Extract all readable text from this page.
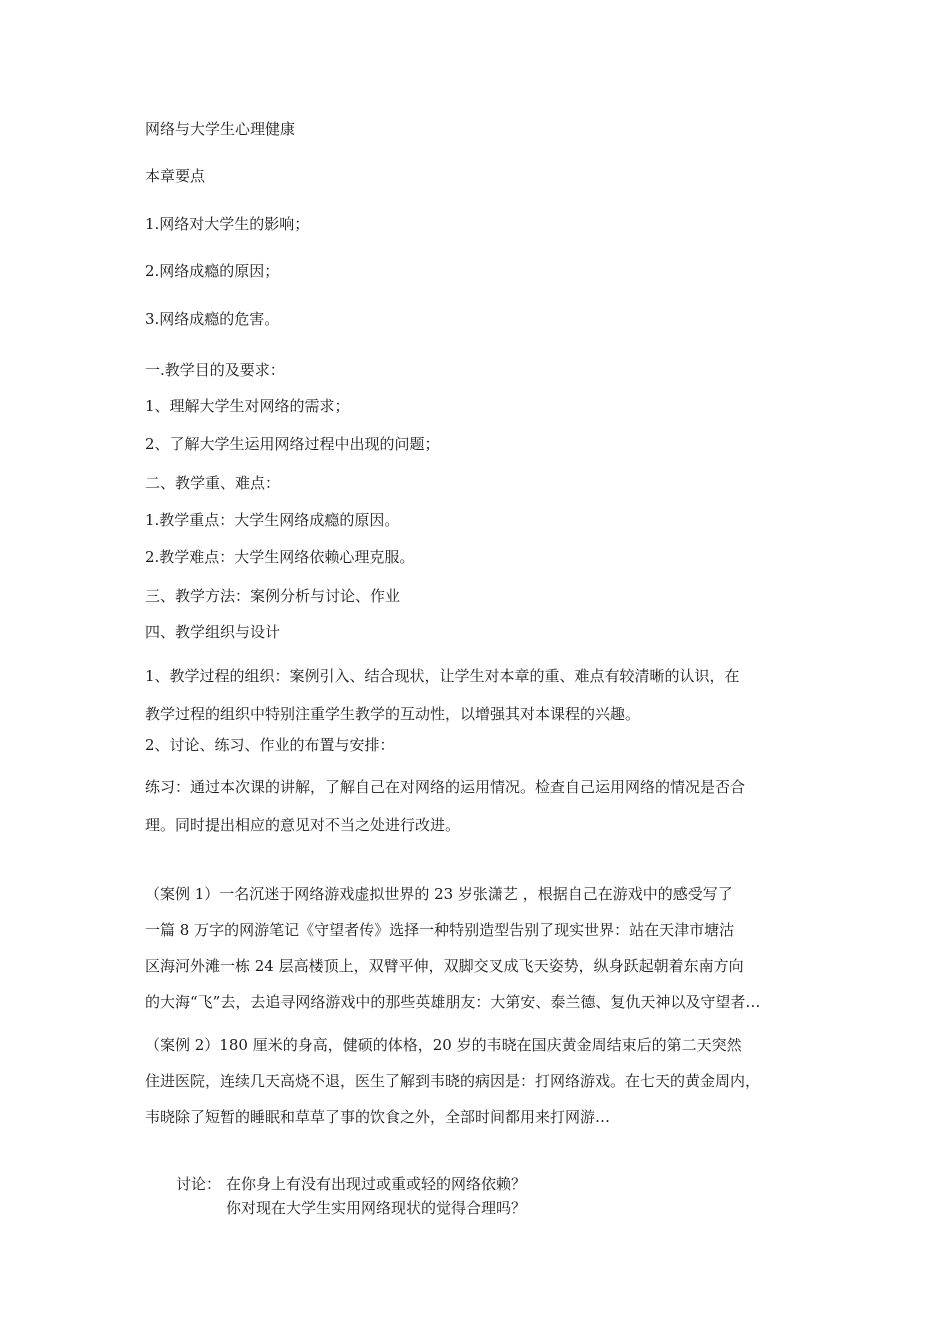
网络与大学生心理健康
本章要点
1.网络对大学生的影响；
2.网络成瘾的原因；
3.网络成瘾的危害。
一.教学目的及要求：
1、理解大学生对网络的需求；
2、了解大学生运用网络过程中出现的问题；
二、教学重、难点：
1.教学重点：大学生网络成瘾的原因。
2.教学难点：大学生网络依赖心理克服。
三、教学方法：案例分析与讨论、作业
四、教学组织与设计
1、教学过程的组织：案例引入、结合现状，让学生对本章的重、难点有较清晰的认识，在
教学过程的组织中特别注重学生教学的互动性，以增强其对本课程的兴趣。
2、讨论、练习、作业的布置与安排：
练习：通过本次课的讲解，了解自己在对网络的运用情况。检查自己运用网络的情况是否合
理。同时提出相应的意见对不当之处进行改进。
（案例 1）一名沉迷于网络游戏虚拟世界的 23 岁张潇艺 ，根据自己在游戏中的感受写了
一篇 8 万字的网游笔记《守望者传》选择一种特别造型告别了现实世界：站在天津市塘沽
区海河外滩一栋 24 层高楼顶上，双臂平伸，双脚交叉成飞天姿势，纵身跃起朝着东南方向
的大海“飞”去，去追寻网络游戏中的那些英雄朋友：大第安、泰兰德、复仇天神以及守望者…
（案例 2）180 厘米的身高，健硕的体格，20 岁的韦晓在国庆黄金周结束后的第二天突然
住进医院，连续几天高烧不退，医生了解到韦晓的病因是：打网络游戏。在七天的黄金周内，
韦晓除了短暂的睡眠和草草了事的饮食之外，全部时间都用来打网游…
讨论： 在你身上有没有出现过或重或轻的网络依赖？
你对现在大学生实用网络现状的觉得合理吗？
